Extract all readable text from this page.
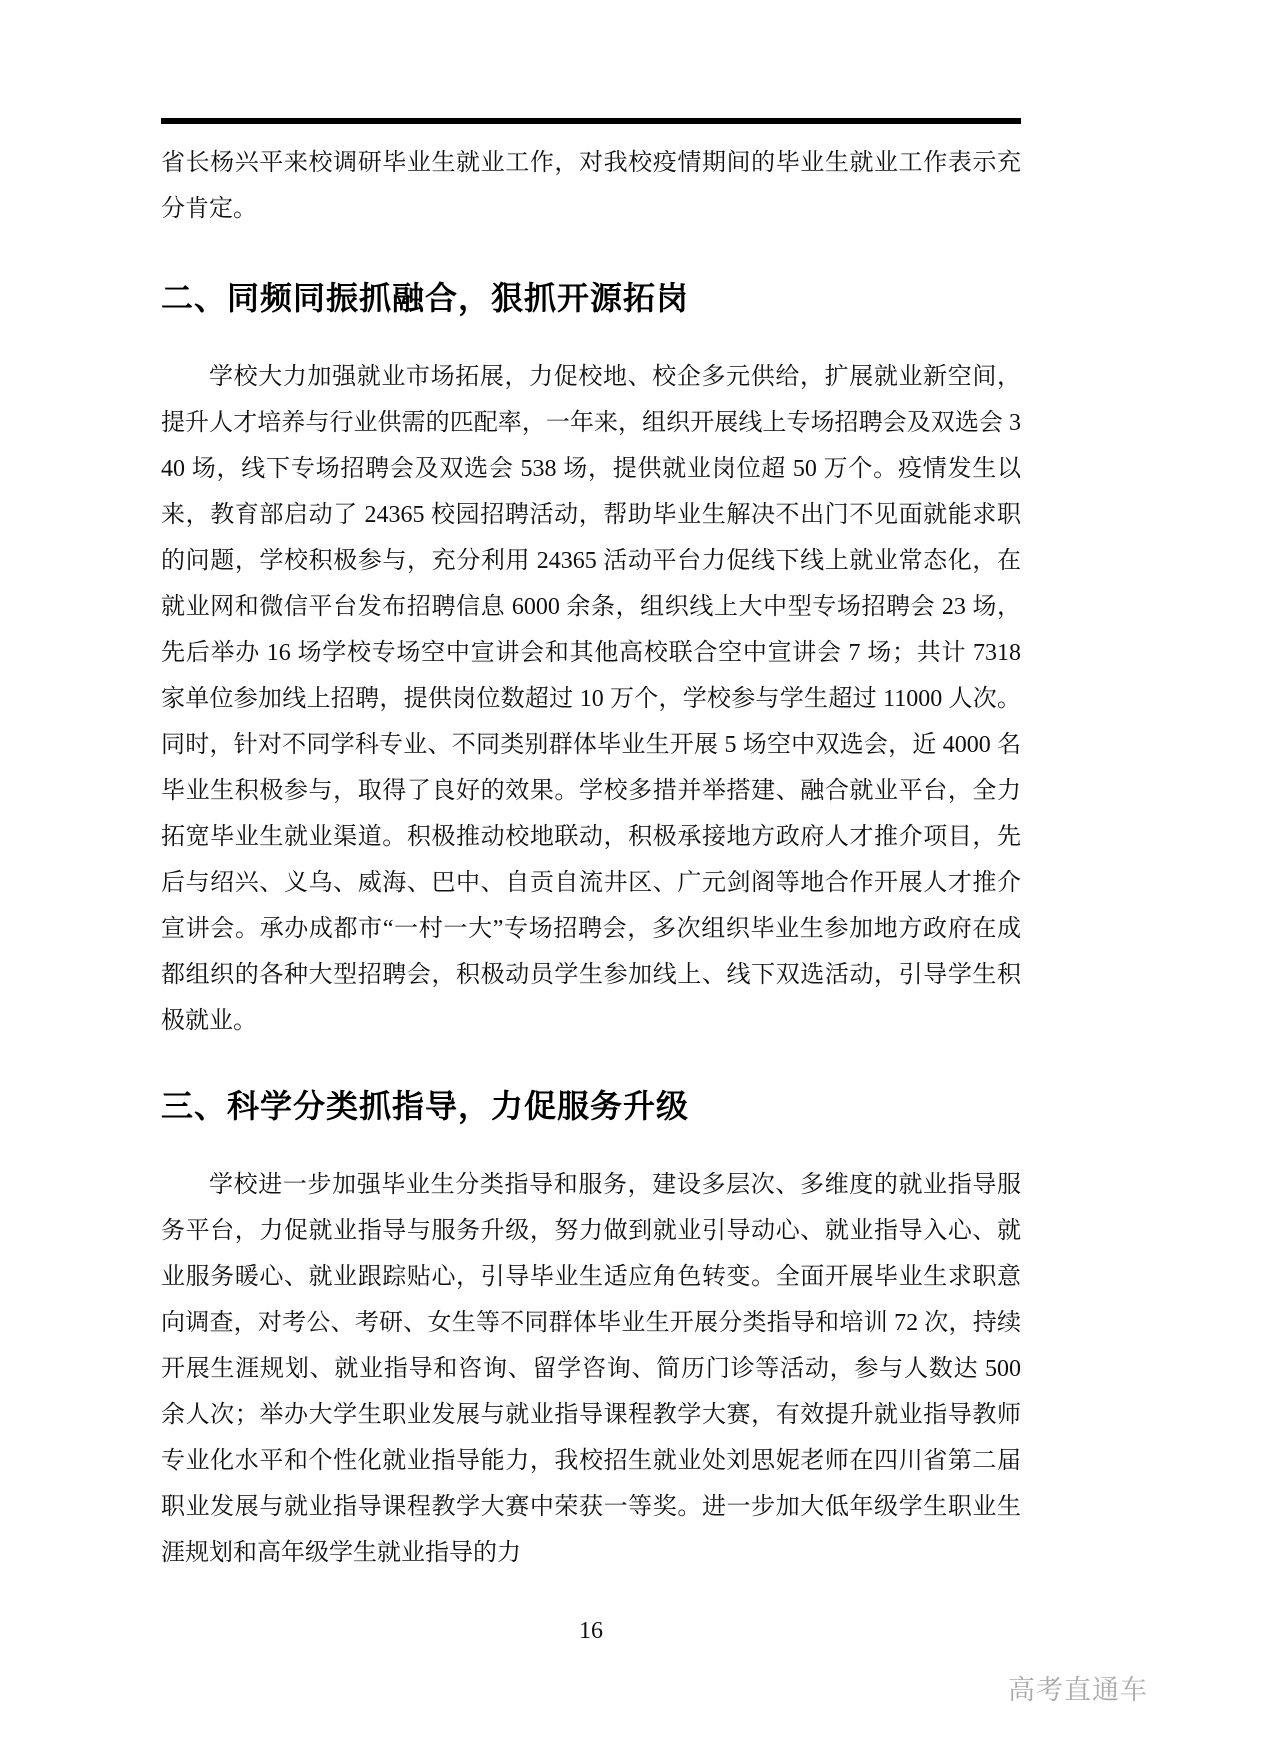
省长杨兴平来校调研毕业生就业工作，对我校疫情期间的毕业生就业工作表示充分肯定。

二、同频同振抓融合，狠抓开源拓岗

学校大力加强就业市场拓展，力促校地、校企多元供给，扩展就业新空间，提升人才培养与行业供需的匹配率，一年来，组织开展线上专场招聘会及双选会 340 场，线下专场招聘会及双选会 538 场，提供就业岗位超 50 万个。疫情发生以来，教育部启动了 24365 校园招聘活动，帮助毕业生解决不出门不见面就能求职的问题，学校积极参与，充分利用 24365 活动平台力促线下线上就业常态化，在就业网和微信平台发布招聘信息 6000 余条，组织线上大中型专场招聘会 23 场，先后举办 16 场学校专场空中宣讲会和其他高校联合空中宣讲会 7 场；共计 7318 家单位参加线上招聘，提供岗位数超过 10 万个，学校参与学生超过 11000 人次。同时，针对不同学科专业、不同类别群体毕业生开展 5 场空中双选会，近 4000 名毕业生积极参与，取得了良好的效果。学校多措并举搭建、融合就业平台，全力拓宽毕业生就业渠道。积极推动校地联动，积极承接地方政府人才推介项目，先后与绍兴、义乌、威海、巴中、自贡自流井区、广元剑阁等地合作开展人才推介宣讲会。承办成都市“一村一大”专场招聘会，多次组织毕业生参加地方政府在成都组织的各种大型招聘会，积极动员学生参加线上、线下双选活动，引导学生积极就业。

三、科学分类抓指导，力促服务升级

学校进一步加强毕业生分类指导和服务，建设多层次、多维度的就业指导服务平台，力促就业指导与服务升级，努力做到就业引导动心、就业指导入心、就业服务暖心、就业跟踪贴心，引导毕业生适应角色转变。全面开展毕业生求职意向调查，对考公、考研、女生等不同群体毕业生开展分类指导和培训 72 次，持续开展生涯规划、就业指导和咨询、留学咨询、简历门诊等活动，参与人数达 500 余人次；举办大学生职业发展与就业指导课程教学大赛，有效提升就业指导教师专业化水平和个性化就业指导能力，我校招生就业处刘思妮老师在四川省第二届职业发展与就业指导课程教学大赛中荣获一等奖。进一步加大低年级学生职业生涯规划和高年级学生就业指导的力

16
高考直通车
